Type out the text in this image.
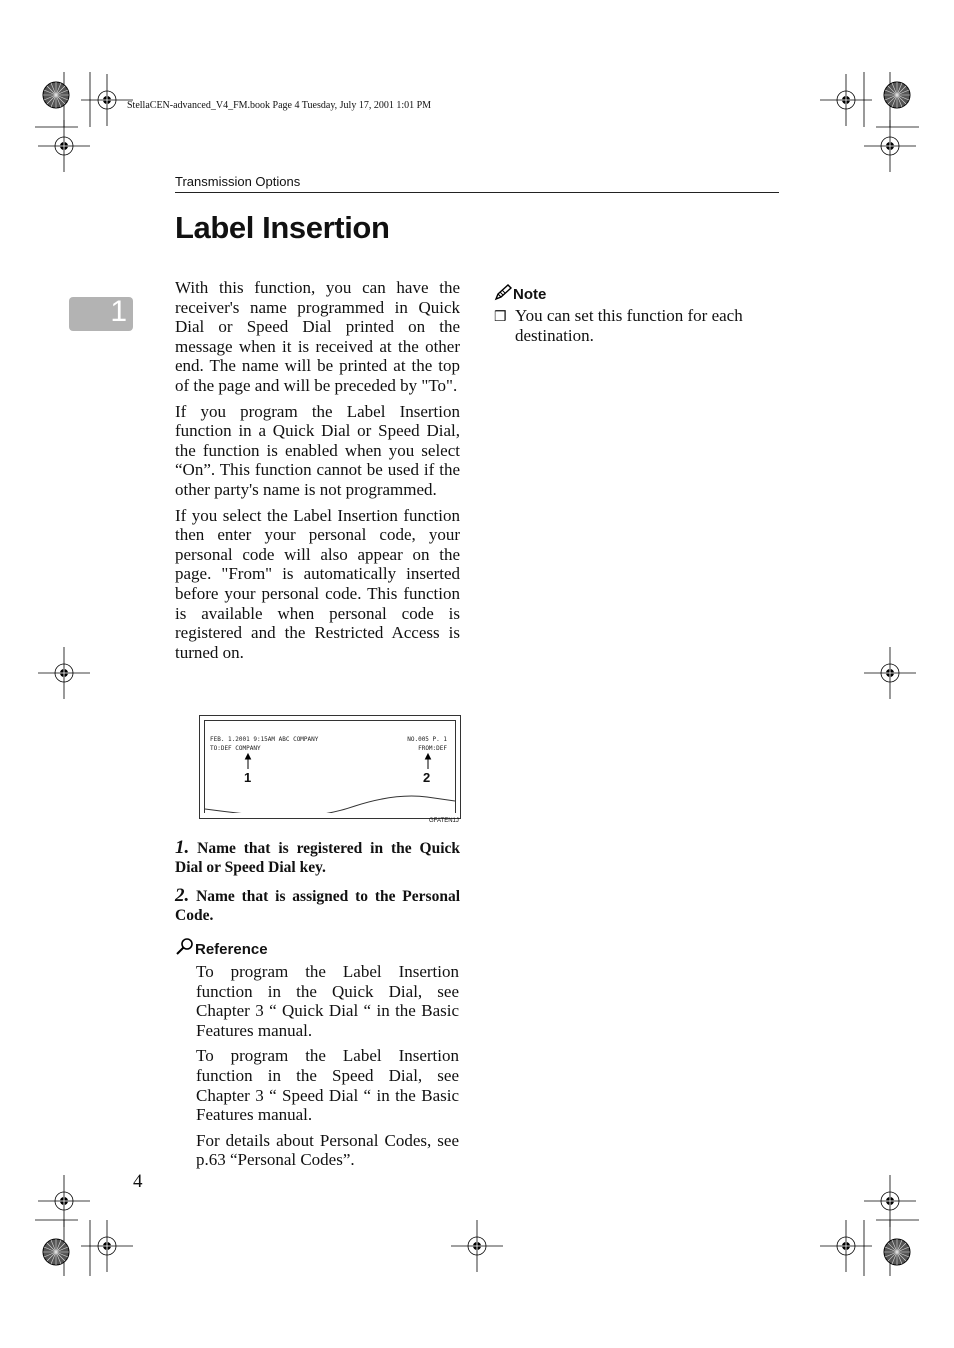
StellaCEN-advanced_V4_FM.book Page 4 Tuesday, July 17, 2001 1:01 PM
Transmission Options
Label Insertion
1

With this function, you can have the receiver's name programmed in Quick Dial or Speed Dial printed on the message when it is received at the other end. The name will be printed at the top of the page and will be preceded by "To".

If you program the Label Insertion function in a Quick Dial or Speed Dial, the function is enabled when you select “On”. This function cannot be used if the other party's name is not programmed.

If you select the Label Insertion function then enter your personal code, your personal code will also appear on the page. "From" is automatically inserted before your personal code. This function is available when personal code is registered and the Restricted Access is turned on.

FEB. 1.2001 9:15AM ABC COMPANY	NO.005 P. 1
TO:DEF COMPANY	FROM:DEF
1	2
GFATEN1J

1. Name that is registered in the Quick Dial or Speed Dial key.

2. Name that is assigned to the Personal Code.

Reference

To program the Label Insertion function in the Quick Dial, see Chapter 3 “ Quick Dial “ in the Basic Features manual.

To program the Label Insertion function in the Speed Dial, see Chapter 3 “ Speed Dial “ in the Basic Features manual.

For details about Personal Codes, see p.63 “Personal Codes”.

Note
❒ You can set this function for each destination.

4
